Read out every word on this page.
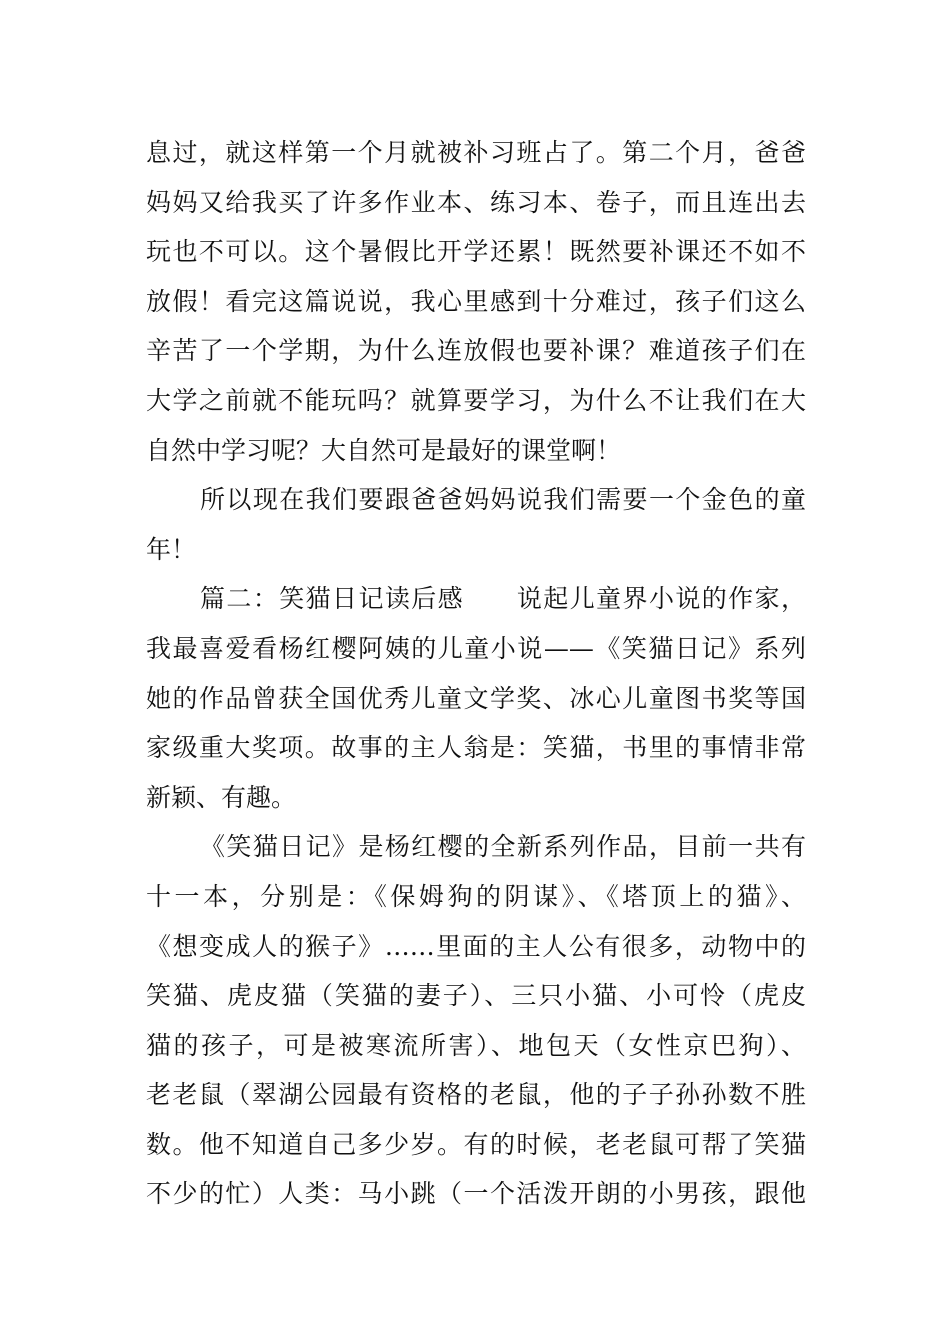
息过，就这样第一个月就被补习班占了。第二个月，爸爸
妈妈又给我买了许多作业本、练习本、卷子，而且连出去
玩也不可以。这个暑假比开学还累！既然要补课还不如不
放假！看完这篇说说，我心里感到十分难过，孩子们这么
辛苦了一个学期，为什么连放假也要补课？难道孩子们在
大学之前就不能玩吗？就算要学习，为什么不让我们在大
自然中学习呢？大自然可是最好的课堂啊！
所以现在我们要跟爸爸妈妈说我们需要一个金色的童
年！
篇二：笑猫日记读后感　　说起儿童界小说的作家，
我最喜爱看杨红樱阿姨的儿童小说——《笑猫日记》系列
她的作品曾获全国优秀儿童文学奖、冰心儿童图书奖等国
家级重大奖项。故事的主人翁是：笑猫，书里的事情非常
新颖、有趣。
《笑猫日记》是杨红樱的全新系列作品，目前一共有
十一本，分别是：《保姆狗的阴谋》、《塔顶上的猫》、
《想变成人的猴子》……里面的主人公有很多，动物中的
笑猫、虎皮猫（笑猫的妻子）、三只小猫、小可怜（虎皮
猫的孩子，可是被寒流所害）、地包天（女性京巴狗）、
老老鼠（翠湖公园最有资格的老鼠，他的子子孙孙数不胜
数。他不知道自己多少岁。有的时候，老老鼠可帮了笑猫
不少的忙）人类：马小跳（一个活泼开朗的小男孩，跟他
